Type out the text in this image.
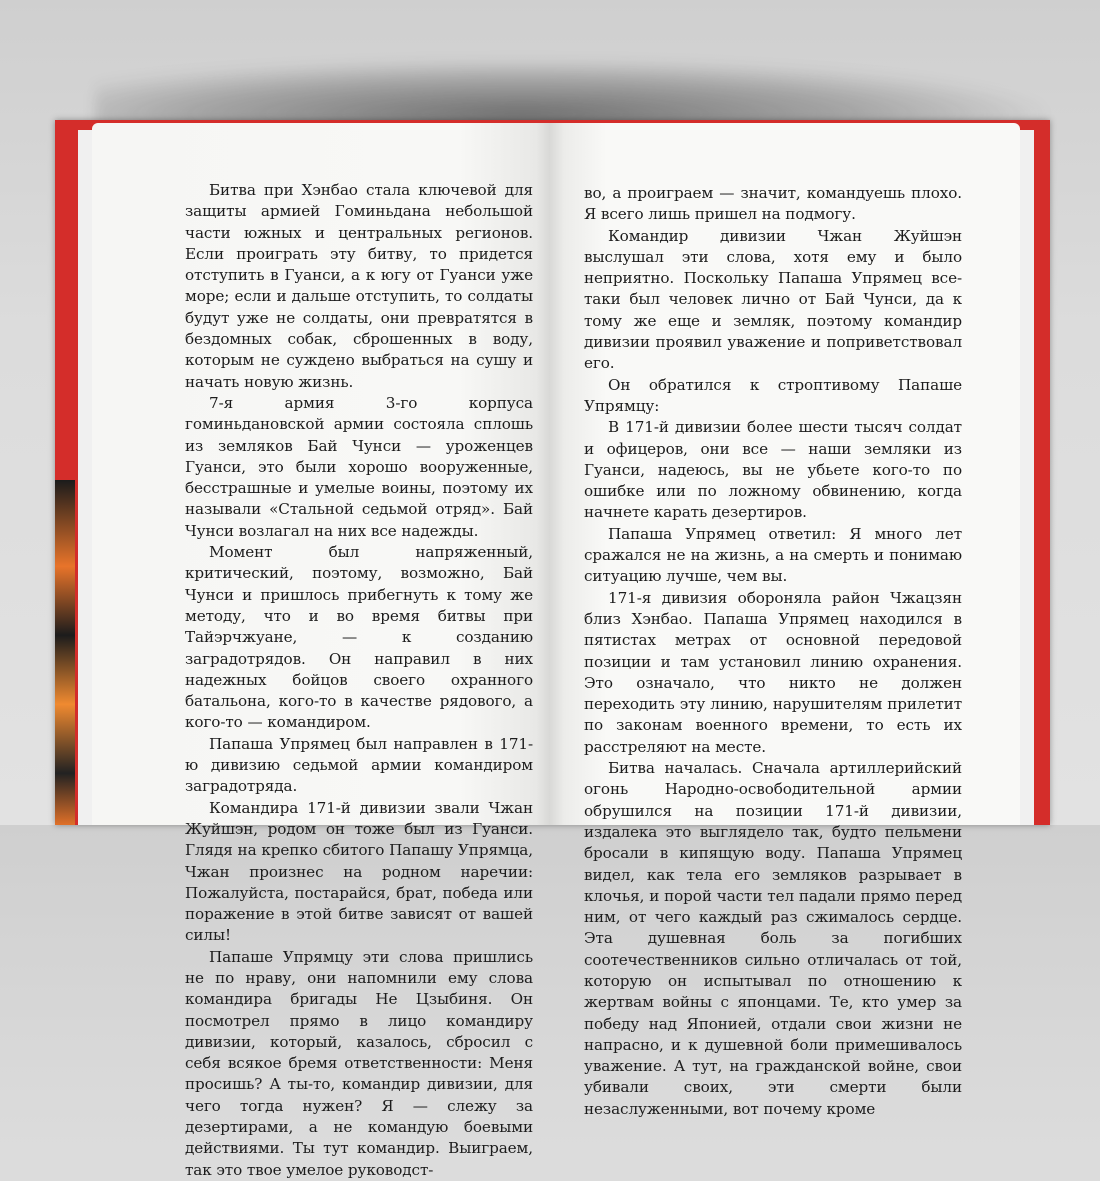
Битва при Хэнбао стала ключевой для защиты армией Гоминьдана небольшой части южных и центральных регионов. Если проиграть эту битву, то придется отступить в Гуанси, а к югу от Гуанси уже море; если и дальше отступить, то солдаты будут уже не солдаты, они превратятся в бездомных собак, сброшенных в воду, которым не суждено выбраться на сушу и начать новую жизнь.

7-я армия 3-го корпуса гоминьдановской армии состояла сплошь из земляков Бай Чунси — уроженцев Гуанси, это были хорошо вооруженные, бесстрашные и умелые воины, поэтому их называли «Стальной седьмой отряд». Бай Чунси возлагал на них все надежды.

Момент был напряженный, критический, поэтому, возможно, Бай Чунси и пришлось прибегнуть к тому же методу, что и во время битвы при Тайэрчжуане, — к созданию заградотрядов. Он направил в них надежных бойцов своего охранного батальона, кого-то в качестве рядового, а кого-то — командиром.

Папаша Упрямец был направлен в 171-ю дивизию седьмой армии командиром заградотряда.

Командира 171-й дивизии звали Чжан Жуйшэн, родом он тоже был из Гуанси. Глядя на крепко сбитого Папашу Упрямца, Чжан произнес на родном наречии: Пожалуйста, постарайся, брат, победа или поражение в этой битве зависят от вашей силы!

Папаше Упрямцу эти слова пришлись не по нраву, они напомнили ему слова командира бригады Не Цзыбиня. Он посмотрел прямо в лицо командиру дивизии, который, казалось, сбросил с себя всякое бремя ответственности: Меня просишь? А ты-то, командир дивизии, для чего тогда нужен? Я — слежу за дезертирами, а не командую боевыми действиями. Ты тут командир. Выиграем, так это твое умелое руководст-

во, а проиграем — значит, командуешь плохо. Я всего лишь пришел на подмогу.

Командир дивизии Чжан Жуйшэн выслушал эти слова, хотя ему и было неприятно. Поскольку Папаша Упрямец все-таки был человек лично от Бай Чунси, да к тому же еще и земляк, поэтому командир дивизии проявил уважение и поприветствовал его.

Он обратился к строптивому Папаше Упрямцу:

В 171-й дивизии более шести тысяч солдат и офицеров, они все — наши земляки из Гуанси, надеюсь, вы не убьете кого-то по ошибке или по ложному обвинению, когда начнете карать дезертиров.

Папаша Упрямец ответил: Я много лет сражался не на жизнь, а на смерть и понимаю ситуацию лучше, чем вы.

171-я дивизия обороняла район Чжацзян близ Хэнбао. Папаша Упрямец находился в пятистах метрах от основной передовой позиции и там установил линию охранения. Это означало, что никто не должен переходить эту линию, нарушителям прилетит по законам военного времени, то есть их расстреляют на месте.

Битва началась. Сначала артиллерийский огонь Народно-освободительной армии обрушился на позиции 171-й дивизии, издалека это выглядело так, будто пельмени бросали в кипящую воду. Папаша Упрямец видел, как тела его земляков разрывает в клочья, и порой части тел падали прямо перед ним, от чего каждый раз сжималось сердце. Эта душевная боль за погибших соотечественников сильно отличалась от той, которую он испытывал по отношению к жертвам войны с японцами. Те, кто умер за победу над Японией, отдали свои жизни не напрасно, и к душевной боли примешивалось уважение. А тут, на гражданской войне, свои убивали своих, эти смерти были незаслуженными, вот почему кроме
